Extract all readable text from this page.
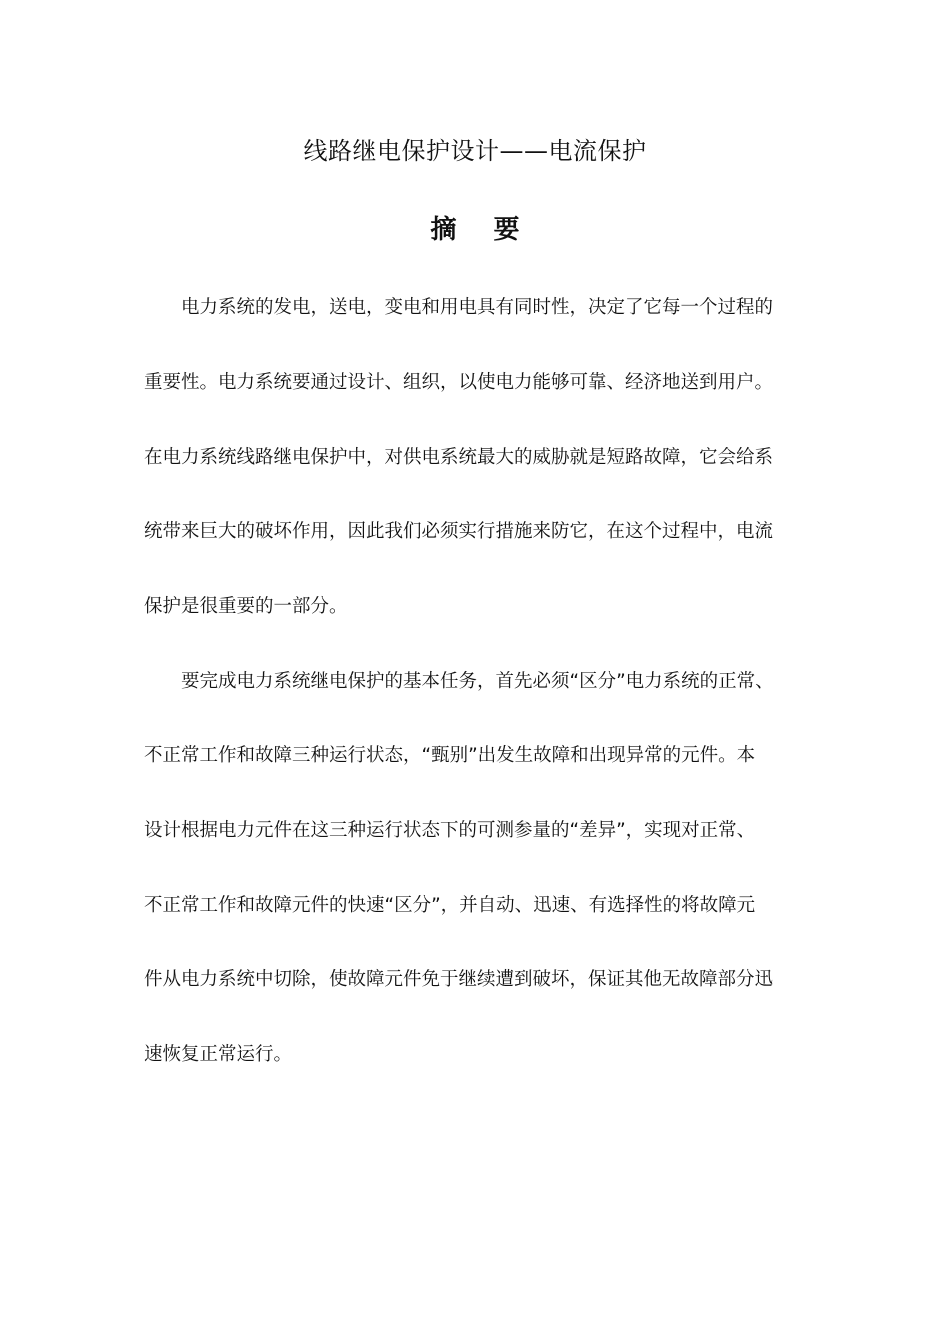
线路继电保护设计——电流保护
摘 要
电力系统的发电，送电，变电和用电具有同时性，决定了它每一个过程的
重要性。电力系统要通过设计、组织，以使电力能够可靠、经济地送到用户。
在电力系统线路继电保护中，对供电系统最大的威胁就是短路故障，它会给系
统带来巨大的破坏作用，因此我们必须实行措施来防它，在这个过程中，电流
保护是很重要的一部分。
要完成电力系统继电保护的基本任务，首先必须“区分”电力系统的正常、
不正常工作和故障三种运行状态，“甄别”出发生故障和出现异常的元件。本
设计根据电力元件在这三种运行状态下的可测参量的“差异”，实现对正常、
不正常工作和故障元件的快速“区分”，并自动、迅速、有选择性的将故障元
件从电力系统中切除，使故障元件免于继续遭到破坏，保证其他无故障部分迅
速恢复正常运行。
